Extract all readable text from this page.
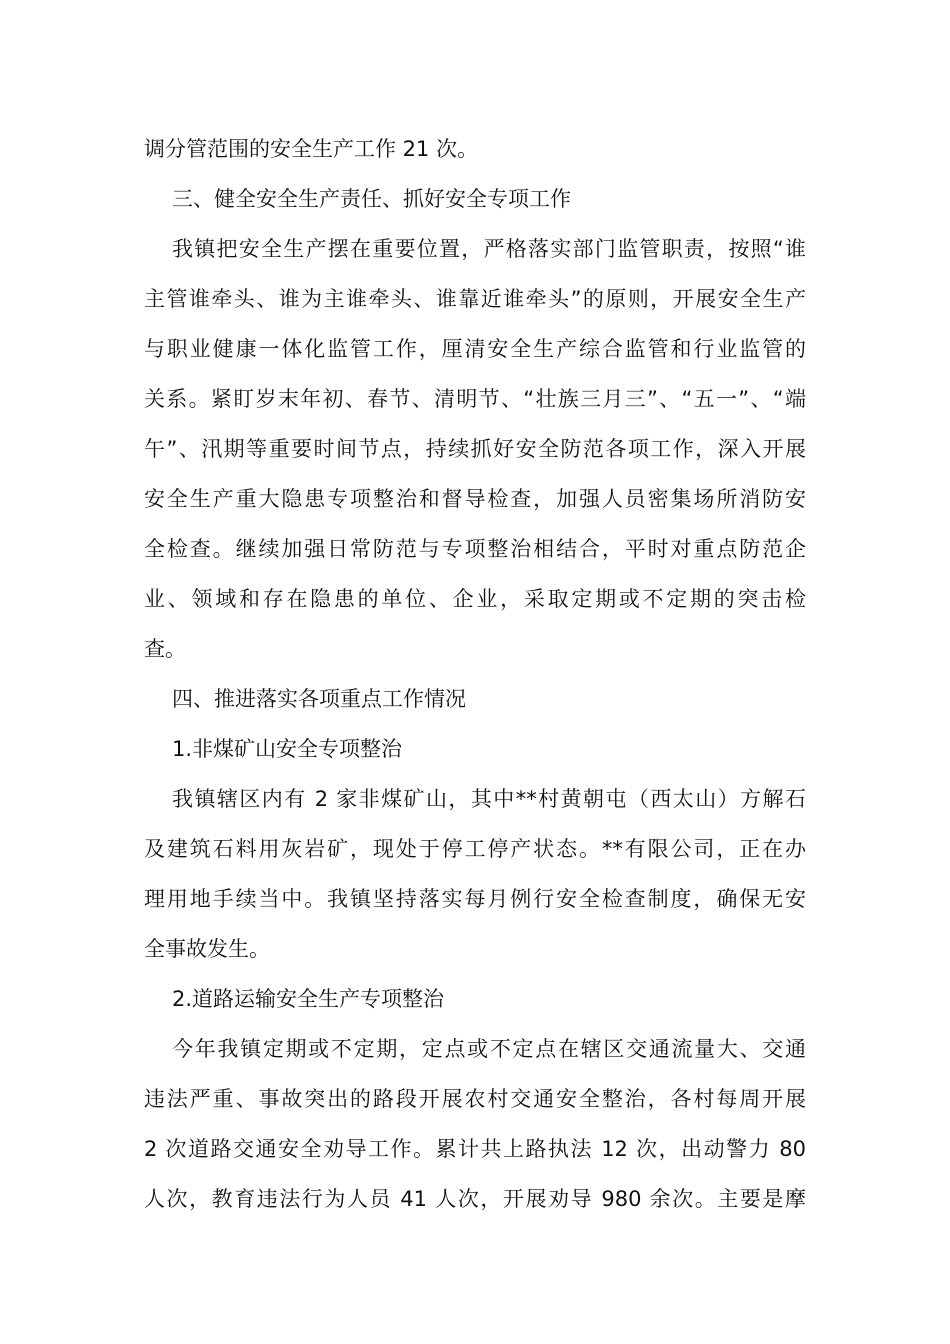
调分管范围的安全生产工作 21 次。
三、健全安全生产责任、抓好安全专项工作
我镇把安全生产摆在重要位置，严格落实部门监管职责，按照“谁
主管谁牵头、谁为主谁牵头、谁靠近谁牵头”的原则，开展安全生产
与职业健康一体化监管工作，厘清安全生产综合监管和行业监管的
关系。紧盯岁末年初、春节、清明节、“壮族三月三”、“五一”、“端
午”、汛期等重要时间节点，持续抓好安全防范各项工作，深入开展
安全生产重大隐患专项整治和督导检查，加强人员密集场所消防安
全检查。继续加强日常防范与专项整治相结合，平时对重点防范企
业、领域和存在隐患的单位、企业，采取定期或不定期的突击检
查。
四、推进落实各项重点工作情况
1.非煤矿山安全专项整治
我镇辖区内有 2 家非煤矿山，其中**村黄朝屯（西太山）方解石
及建筑石料用灰岩矿，现处于停工停产状态。**有限公司，正在办
理用地手续当中。我镇坚持落实每月例行安全检查制度，确保无安
全事故发生。
2.道路运输安全生产专项整治
今年我镇定期或不定期，定点或不定点在辖区交通流量大、交通
违法严重、事故突出的路段开展农村交通安全整治，各村每周开展
2 次道路交通安全劝导工作。累计共上路执法 12 次，出动警力 80
人次，教育违法行为人员 41 人次，开展劝导 980 余次。主要是摩
